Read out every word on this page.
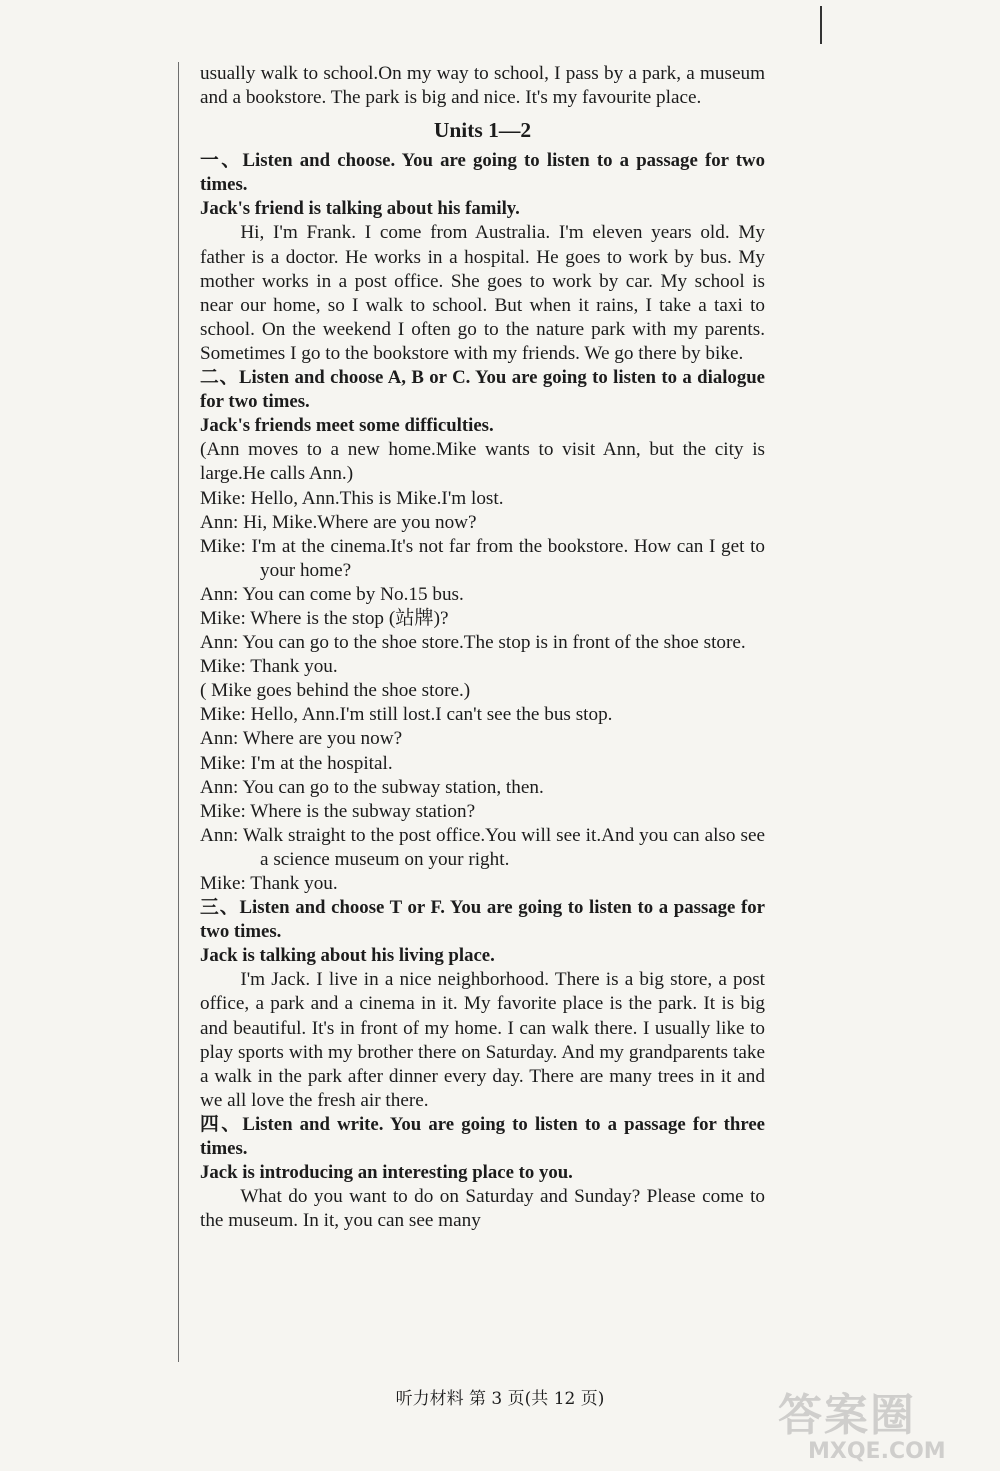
usually walk to school.On my way to school, I pass by a park, a museum and a bookstore. The park is big and nice. It's my favourite place.

Units 1—2

一、Listen and choose. You are going to listen to a passage for two times.

Jack's friend is talking about his family.

Hi, I'm Frank. I come from Australia. I'm eleven years old. My father is a doctor. He works in a hospital. He goes to work by bus. My mother works in a post office. She goes to work by car. My school is near our home, so I walk to school. But when it rains, I take a taxi to school. On the weekend I often go to the nature park with my parents. Sometimes I go to the bookstore with my friends. We go there by bike.

二、Listen and choose A, B or C. You are going to listen to a dialogue for two times.

Jack's friends meet some difficulties.

(Ann moves to a new home.Mike wants to visit Ann, but the city is large.He calls Ann.)

Mike: Hello, Ann.This is Mike.I'm lost.

Ann: Hi, Mike.Where are you now?

Mike: I'm at the cinema.It's not far from the bookstore. How can I get to your home?

Ann: You can come by No.15 bus.

Mike: Where is the stop (站牌)?

Ann: You can go to the shoe store.The stop is in front of the shoe store.

Mike: Thank you.

( Mike goes behind the shoe store.)

Mike: Hello, Ann.I'm still lost.I can't see the bus stop.

Ann: Where are you now?

Mike: I'm at the hospital.

Ann: You can go to the subway station, then.

Mike: Where is the subway station?

Ann: Walk straight to the post office.You will see it.And you can also see a science museum on your right.

Mike: Thank you.

三、Listen and choose T or F. You are going to listen to a passage for two times.

Jack is talking about his living place.

I'm Jack. I live in a nice neighborhood. There is a big store, a post office, a park and a cinema in it. My favorite place is the park. It is big and beautiful. It's in front of my home. I can walk there. I usually like to play sports with my brother there on Saturday. And my grandparents take a walk in the park after dinner every day. There are many trees in it and we all love the fresh air there.

四、Listen and write. You are going to listen to a passage for three times.

Jack is introducing an interesting place to you.

What do you want to do on Saturday and Sunday? Please come to the museum. In it, you can see many

听力材料 第 3 页(共 12 页)	答案圈
MXQE.COM
